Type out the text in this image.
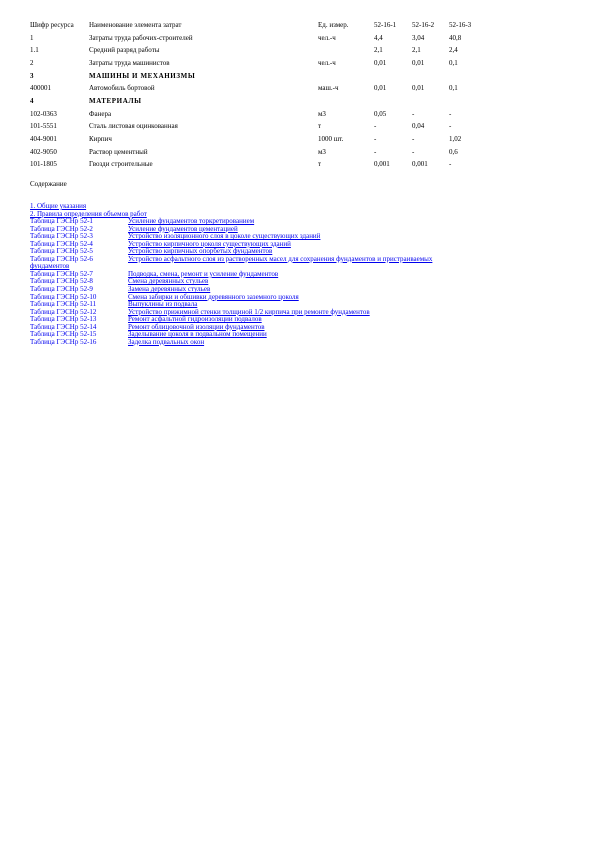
Шифр ресурса	Наименование элемента затрат	Ед. измер.	52-16-1	52-16-2	52-16-3
1	Затраты труда рабочих-строителей	чел.-ч	4,4	3,04	40,8
1.1	Средний разряд работы		2,1	2,1	2,4
2	Затраты труда машинистов	чел.-ч	0,01	0,01	0,1
3	МАШИНЫ И МЕХАНИЗМЫ				
400001	Автомобиль бортовой	маш.-ч	0,01	0,01	0,1
4	МАТЕРИАЛЫ				
102-0363	Фанера	м3	0,05	-	-
101-5551	Сталь листовая оцинкованная	т	-	0,04	-
404-9001	Кирпич	1000 шт.	-	-	1,02
402-9050	Раствор цементный	м3	-	-	0,6
101-1805	Гвозди строительные	т	0,001	0,001	-
Содержание
1. Общие указания
2. Правила определения объемов работ
Таблица ГЭСНр 52-1	Усиление фундаментов торкретированием
Таблица ГЭСНр 52-2	Усиление фундаментов цементацией
Таблица ГЭСНр 52-3	Устройство изоляционного слоя в цоколе существующих зданий
Таблица ГЭСНр 52-4	Устройство кирпичного цоколя существующих зданий
Таблица ГЭСНр 52-5	Устройство кирпичных опорбетых фундаментов
Таблица ГЭСНр 52-6	Устройство асфальтного слоя из растворенных масел для сохранения фундаментов и пристраиваемых фундаментов
Таблица ГЭСНр 52-7	Подводка, смена, ремонт и усиление фундаментов
Таблица ГЭСНр 52-8	Смена деревянных стульев
Таблица ГЭСНр 52-9	Замена деревянных стульев
Таблица ГЭСНр 52-10	Смена забирки и обшивки деревянного заземного цоколя
Таблица ГЭСНр 52-11	Выпуклины из подвала
Таблица ГЭСНр 52-12	Устройство прижимной стенки толщиной 1/2 кирпича при ремонте фундаментов
Таблица ГЭСНр 52-13	Ремонт асфальтной гидроизоляции подвалов
Таблица ГЭСНр 52-14	Ремонт облицовочной изоляции фундаментов
Таблица ГЭСНр 52-15	Заделывание цоколя в подвальном помещении
Таблица ГЭСНр 52-16	Заделка подвальных окон
